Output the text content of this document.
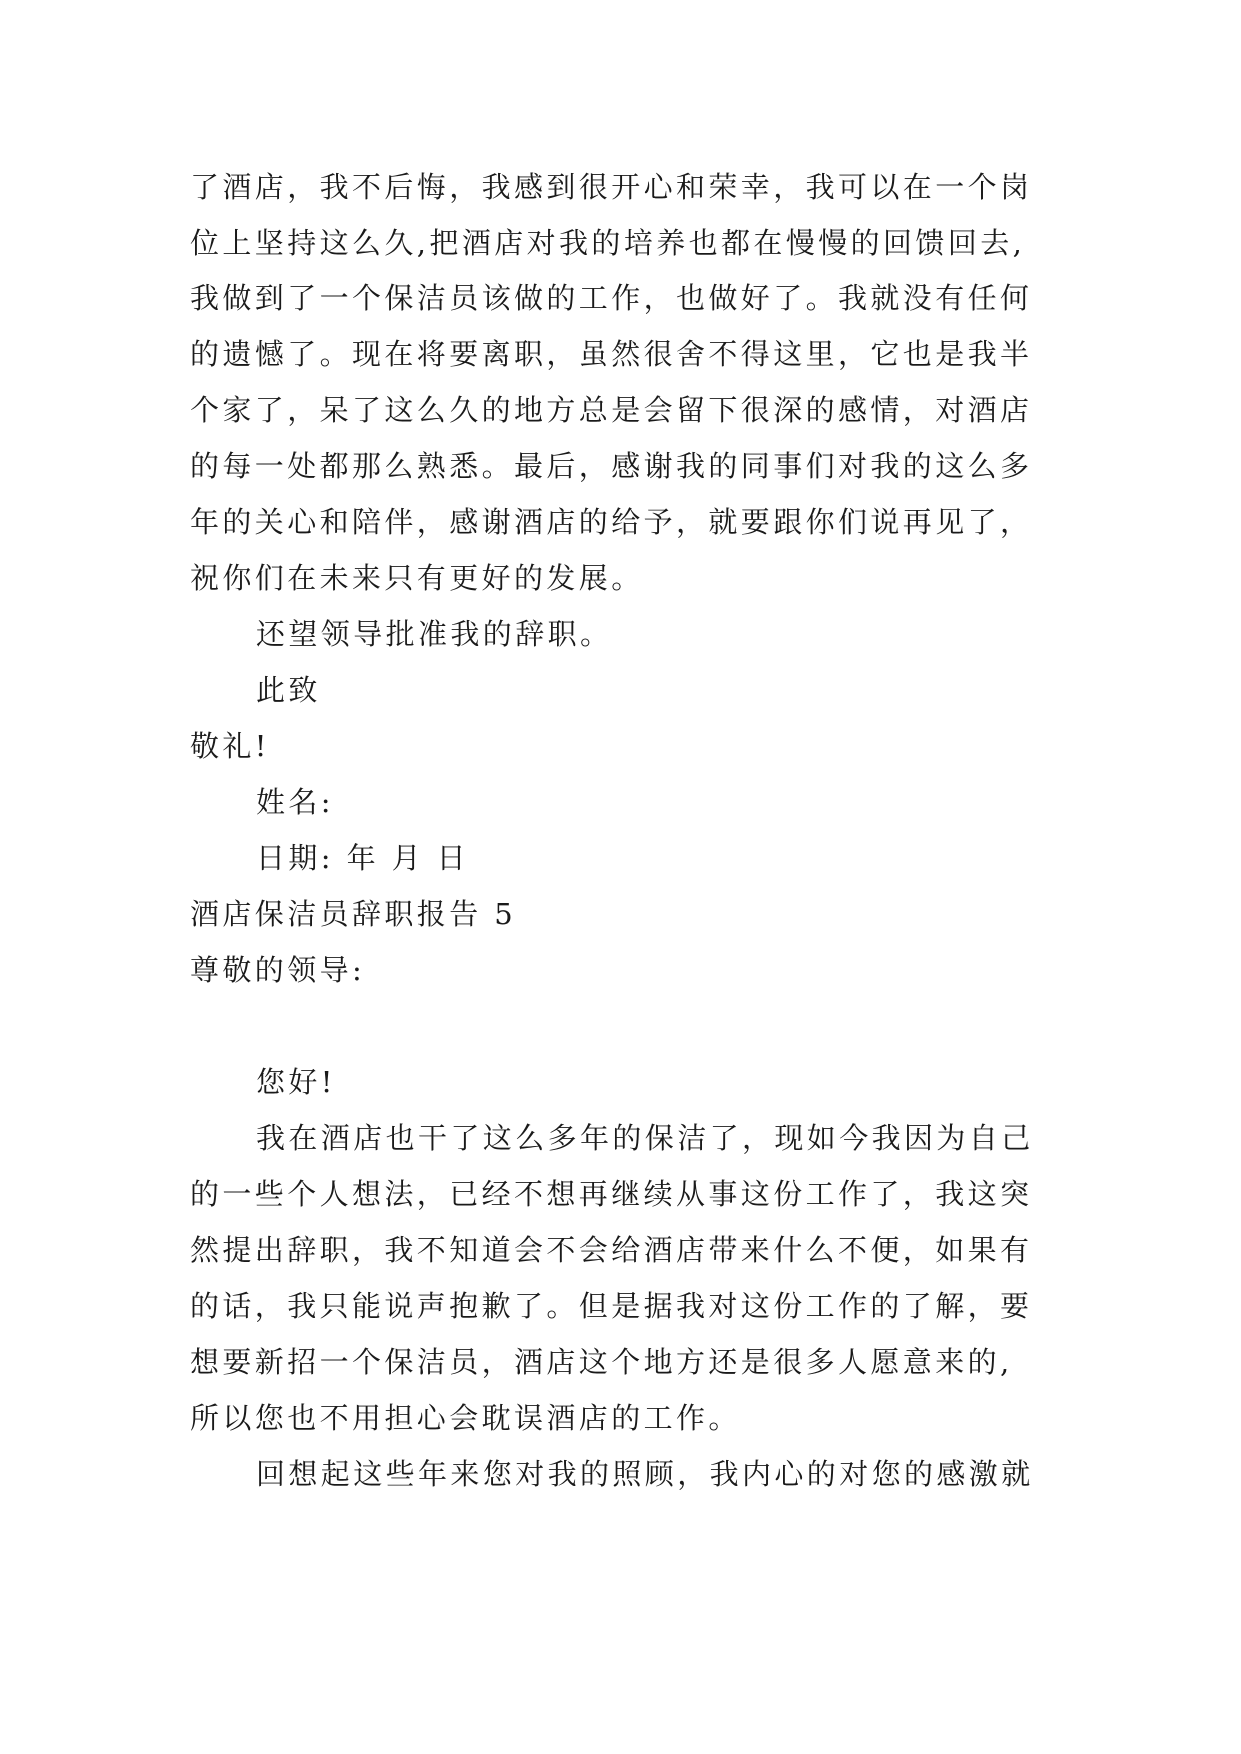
了酒店，我不后悔，我感到很开心和荣幸，我可以在一个岗
位上坚持这么久,把酒店对我的培养也都在慢慢的回馈回去,
我做到了一个保洁员该做的工作，也做好了。我就没有任何
的遗憾了。现在将要离职，虽然很舍不得这里，它也是我半
个家了，呆了这么久的地方总是会留下很深的感情，对酒店
的每一处都那么熟悉。最后，感谢我的同事们对我的这么多
年的关心和陪伴，感谢酒店的给予，就要跟你们说再见了，
祝你们在未来只有更好的发展。
还望领导批准我的辞职。
此致
敬礼!
姓名:
日期: 年 月 日
酒店保洁员辞职报告 5
尊敬的领导:
您好!
我在酒店也干了这么多年的保洁了，现如今我因为自己
的一些个人想法，已经不想再继续从事这份工作了，我这突
然提出辞职，我不知道会不会给酒店带来什么不便，如果有
的话，我只能说声抱歉了。但是据我对这份工作的了解，要
想要新招一个保洁员，酒店这个地方还是很多人愿意来的,
所以您也不用担心会耽误酒店的工作。
回想起这些年来您对我的照顾，我内心的对您的感激就
